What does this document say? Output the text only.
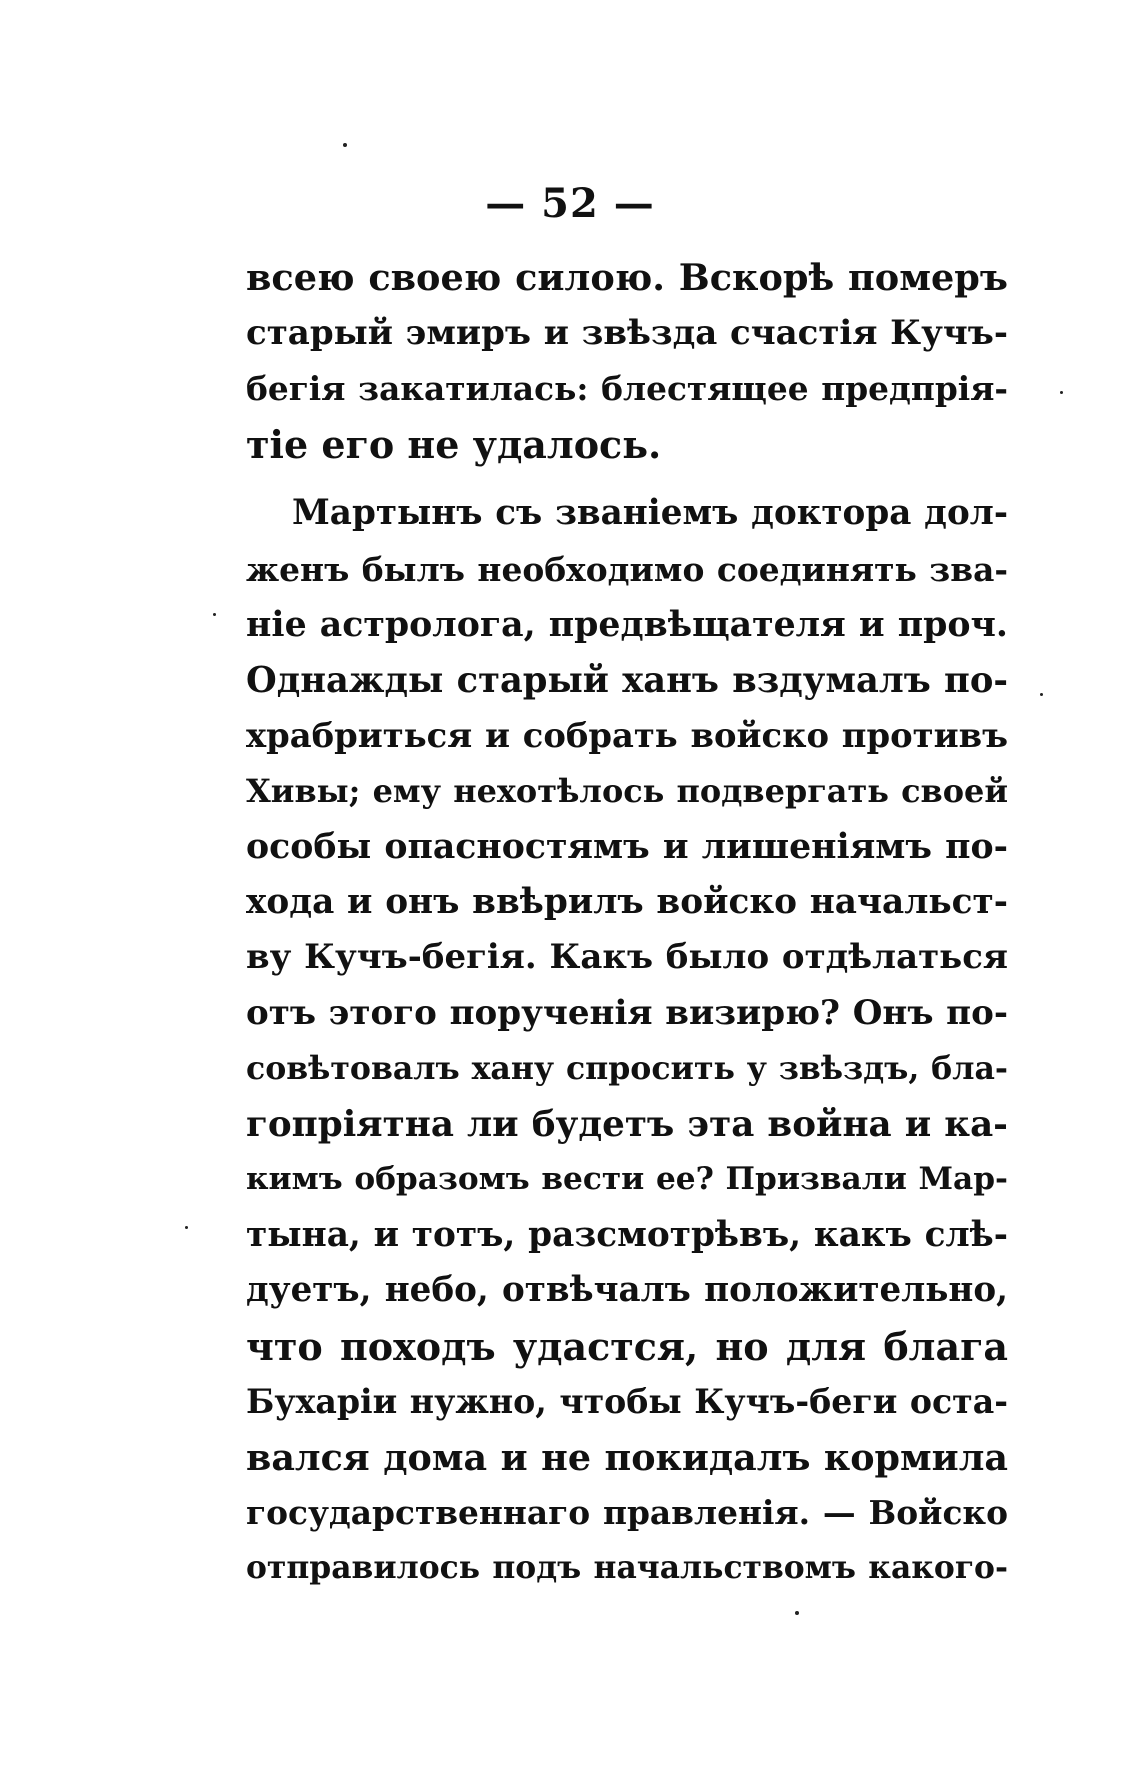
— 52 —
всею своею силою. Вскорѣ померъ
старый эмиръ и звѣзда счастія Кучъ-
бегія закатилась: блестящее предпрія-
тіе его не удалось.
Мартынъ съ званіемъ доктора дол-
женъ былъ необходимо соединять зва-
ніе астролога, предвѣщателя и проч.
Однажды старый ханъ вздумалъ по-
храбриться и собрать войско противъ
Хивы; ему нехотѣлось подвергать своей
особы опасностямъ и лишеніямъ по-
хода и онъ ввѣрилъ войско начальст-
ву Кучъ-бегія. Какъ было отдѣлаться
отъ этого порученія визирю? Онъ по-
совѣтовалъ хану спросить у звѣздъ, бла-
гопріятна ли будетъ эта война и ка-
кимъ образомъ вести ее? Призвали Мар-
тына, и тотъ, разсмотрѣвъ, какъ слѣ-
дуетъ, небо, отвѣчалъ положительно,
что походъ удастся, но для блага
Бухаріи нужно, чтобы Кучъ-беги оста-
вался дома и не покидалъ кормила
государственнаго правленія. — Войско
отправилось подъ начальствомъ какого-
